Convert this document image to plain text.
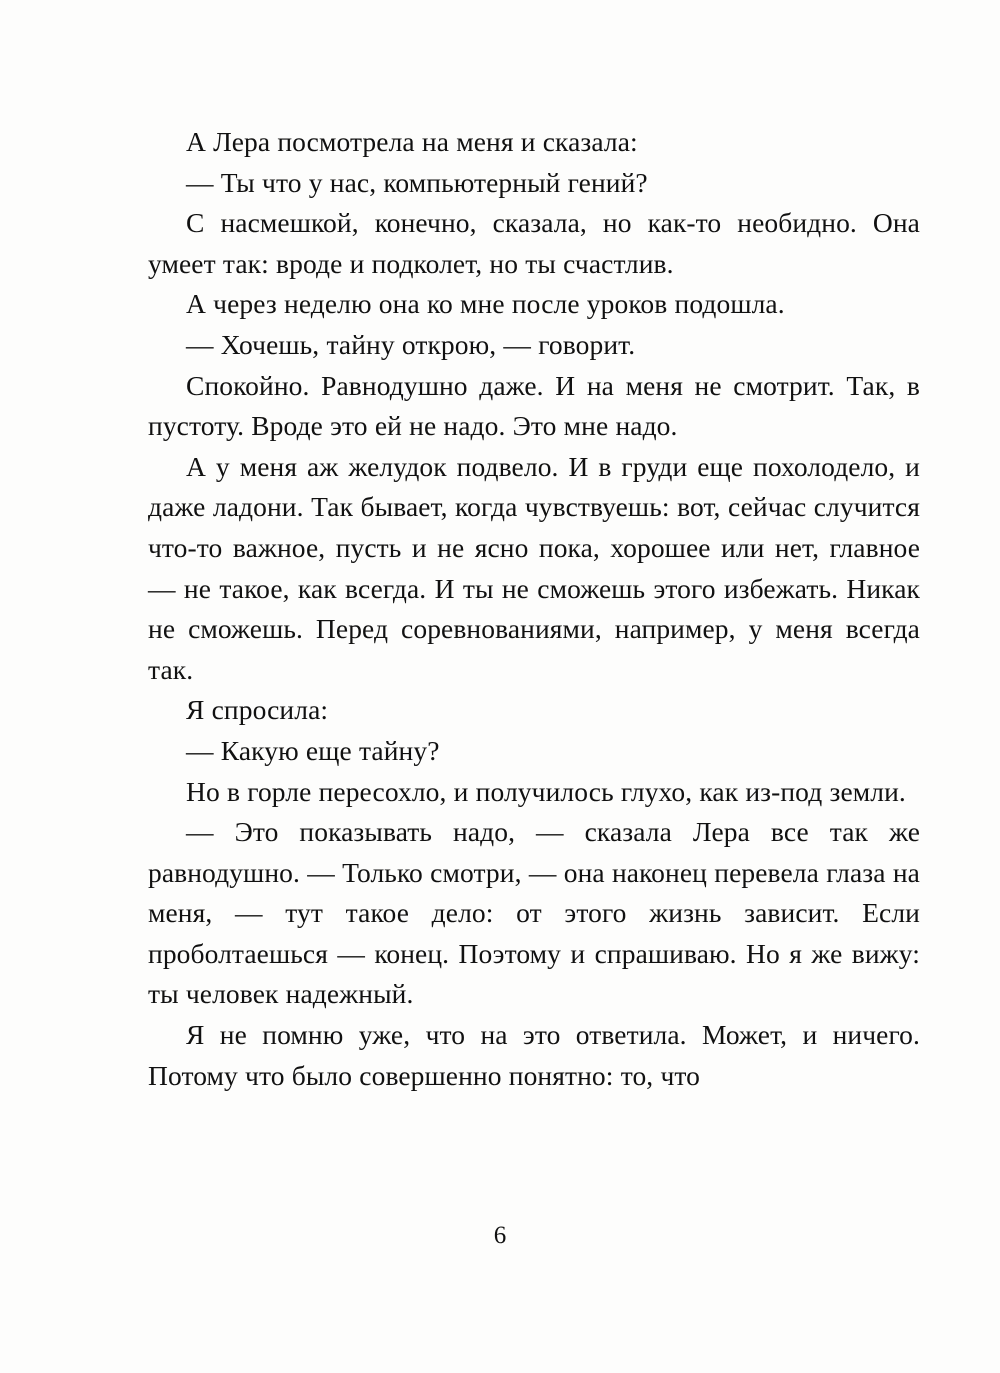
А Лера посмотрела на меня и сказала:

— Ты что у нас, компьютерный гений?

С насмешкой, конечно, сказала, но как-то необидно. Она умеет так: вроде и подколет, но ты счастлив.

А через неделю она ко мне после уроков подошла.

— Хочешь, тайну открою, — говорит.

Спокойно. Равнодушно даже. И на меня не смотрит. Так, в пустоту. Вроде это ей не надо. Это мне надо.

А у меня аж желудок подвело. И в груди еще похолодело, и даже ладони. Так бывает, когда чувствуешь: вот, сейчас случится что-то важное, пусть и не ясно пока, хорошее или нет, главное — не такое, как всегда. И ты не сможешь этого избежать. Никак не сможешь. Перед соревнованиями, например, у меня всегда так.

Я спросила:

— Какую еще тайну?

Но в горле пересохло, и получилось глухо, как из-под земли.

— Это показывать надо, — сказала Лера все так же равнодушно. — Только смотри, — она наконец перевела глаза на меня, — тут такое дело: от этого жизнь зависит. Если проболтаешься — конец. Поэтому и спрашиваю. Но я же вижу: ты человек надежный.

Я не помню уже, что на это ответила. Может, и ничего. Потому что было совершенно понятно: то, что

6
